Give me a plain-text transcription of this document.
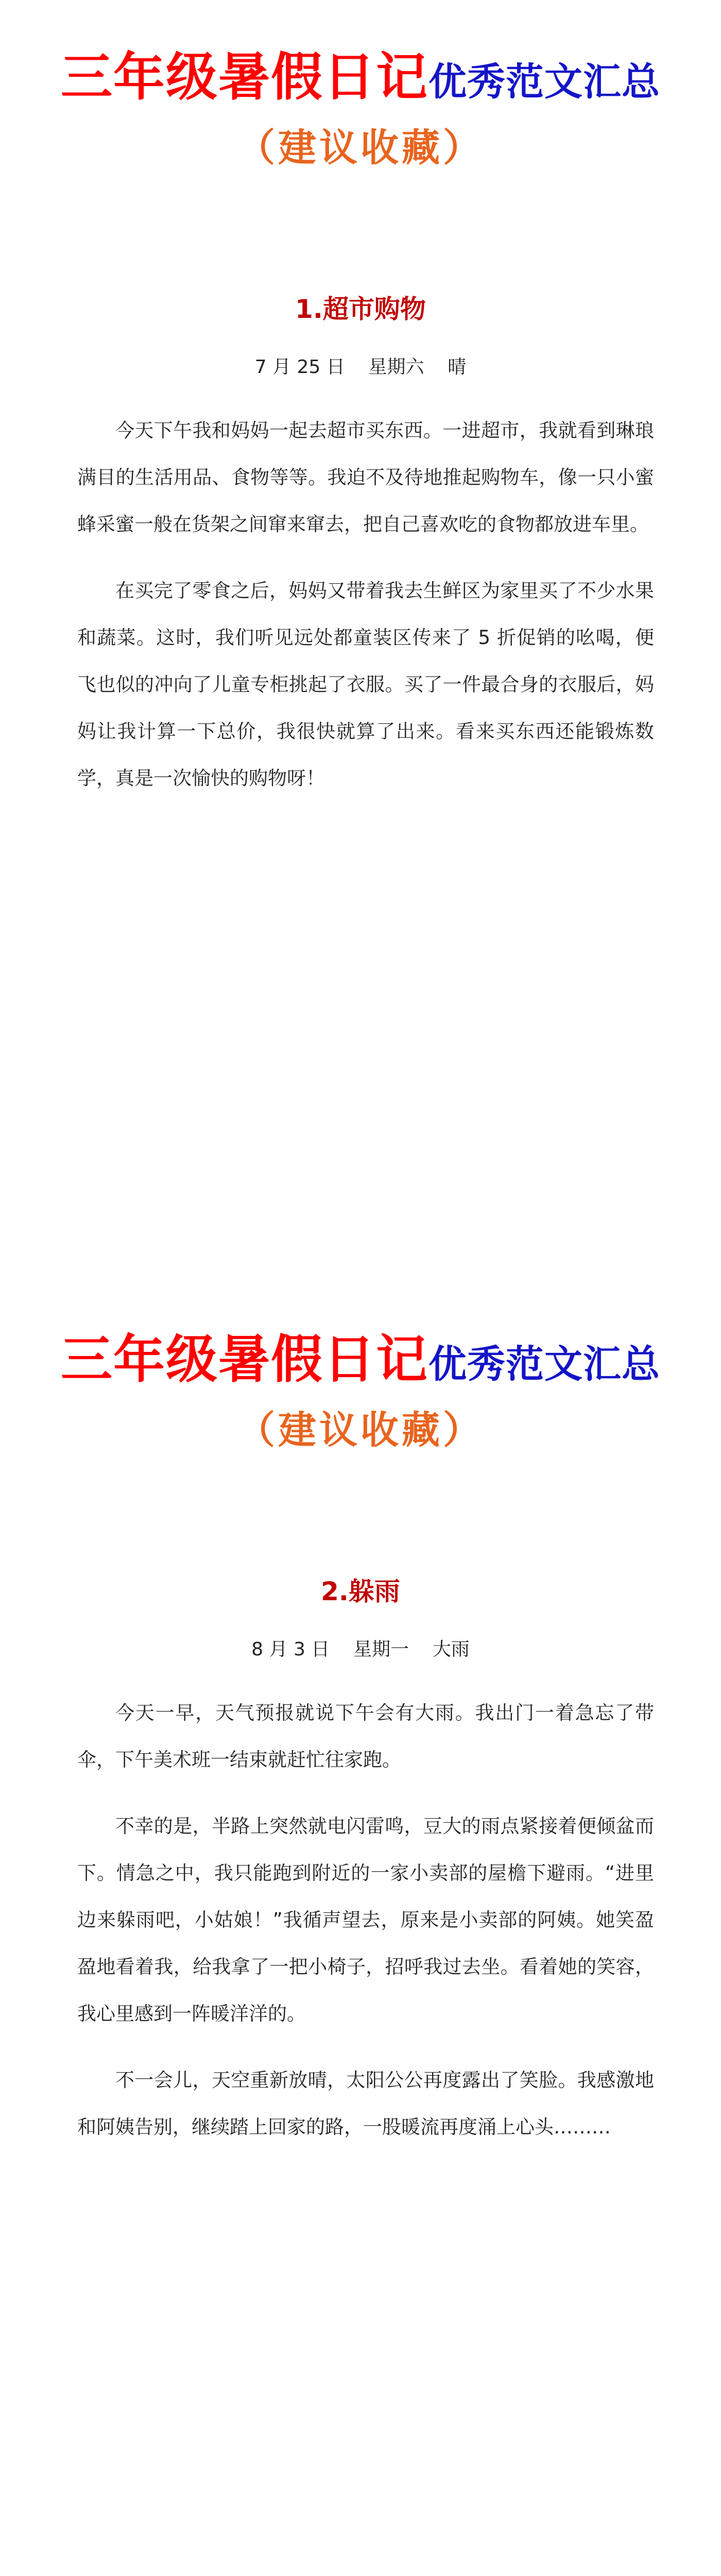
三年级暑假日记优秀范文汇总
（建议收藏）
1.超市购物
7 月 25 日    星期六    晴

今天下午我和妈妈一起去超市买东西。一进超市，我就看到琳琅满目的生活用品、食物等等。我迫不及待地推起购物车，像一只小蜜蜂采蜜一般在货架之间窜来窜去，把自己喜欢吃的食物都放进车里。

在买完了零食之后，妈妈又带着我去生鲜区为家里买了不少水果和蔬菜。这时，我们听见远处都童装区传来了 5 折促销的吆喝，便飞也似的冲向了儿童专柜挑起了衣服。买了一件最合身的衣服后，妈妈让我计算一下总价，我很快就算了出来。看来买东西还能锻炼数学，真是一次愉快的购物呀！

三年级暑假日记优秀范文汇总
（建议收藏）
2.躲雨
8 月 3 日    星期一    大雨

今天一早，天气预报就说下午会有大雨。我出门一着急忘了带伞，下午美术班一结束就赶忙往家跑。

不幸的是，半路上突然就电闪雷鸣，豆大的雨点紧接着便倾盆而下。情急之中，我只能跑到附近的一家小卖部的屋檐下避雨。“进里边来躲雨吧，小姑娘！”我循声望去，原来是小卖部的阿姨。她笑盈盈地看着我，给我拿了一把小椅子，招呼我过去坐。看着她的笑容，我心里感到一阵暖洋洋的。

不一会儿，天空重新放晴，太阳公公再度露出了笑脸。我感激地和阿姨告别，继续踏上回家的路，一股暖流再度涌上心头………
